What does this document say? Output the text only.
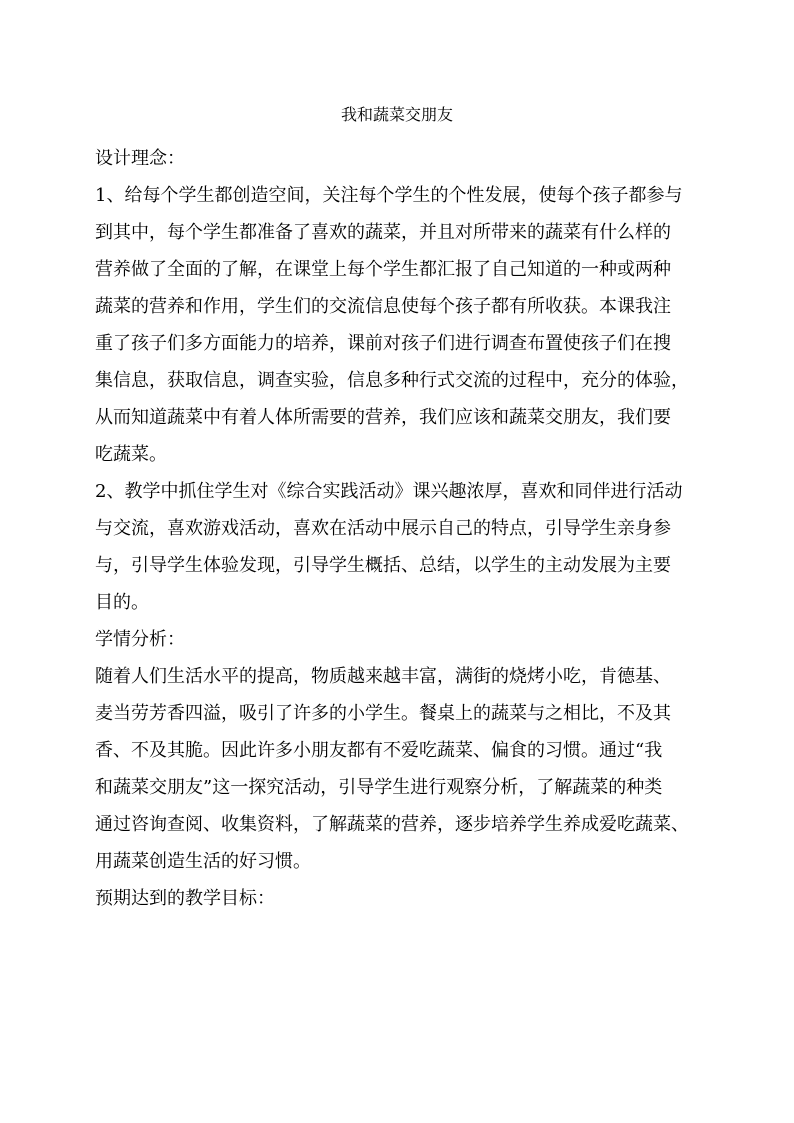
我和蔬菜交朋友

设计理念：

1、给每个学生都创造空间，关注每个学生的个性发展，使每个孩子都参与
到其中，每个学生都准备了喜欢的蔬菜，并且对所带来的蔬菜有什么样的
营养做了全面的了解，在课堂上每个学生都汇报了自己知道的一种或两种
蔬菜的营养和作用，学生们的交流信息使每个孩子都有所收获。本课我注
重了孩子们多方面能力的培养，课前对孩子们进行调查布置使孩子们在搜
集信息，获取信息，调查实验，信息多种行式交流的过程中，充分的体验，
从而知道蔬菜中有着人体所需要的营养，我们应该和蔬菜交朋友，我们要
吃蔬菜。

2、教学中抓住学生对《综合实践活动》课兴趣浓厚，喜欢和同伴进行活动
与交流，喜欢游戏活动，喜欢在活动中展示自己的特点，引导学生亲身参
与，引导学生体验发现，引导学生概括、总结，以学生的主动发展为主要
目的。

学情分析：

随着人们生活水平的提高，物质越来越丰富，满街的烧烤小吃，肯德基、
麦当劳芳香四溢，吸引了许多的小学生。餐桌上的蔬菜与之相比，不及其
香、不及其脆。因此许多小朋友都有不爱吃蔬菜、偏食的习惯。通过“我
和蔬菜交朋友”这一探究活动，引导学生进行观察分析，了解蔬菜的种类
通过咨询查阅、收集资料，了解蔬菜的营养，逐步培养学生养成爱吃蔬菜、
用蔬菜创造生活的好习惯。

预期达到的教学目标：
